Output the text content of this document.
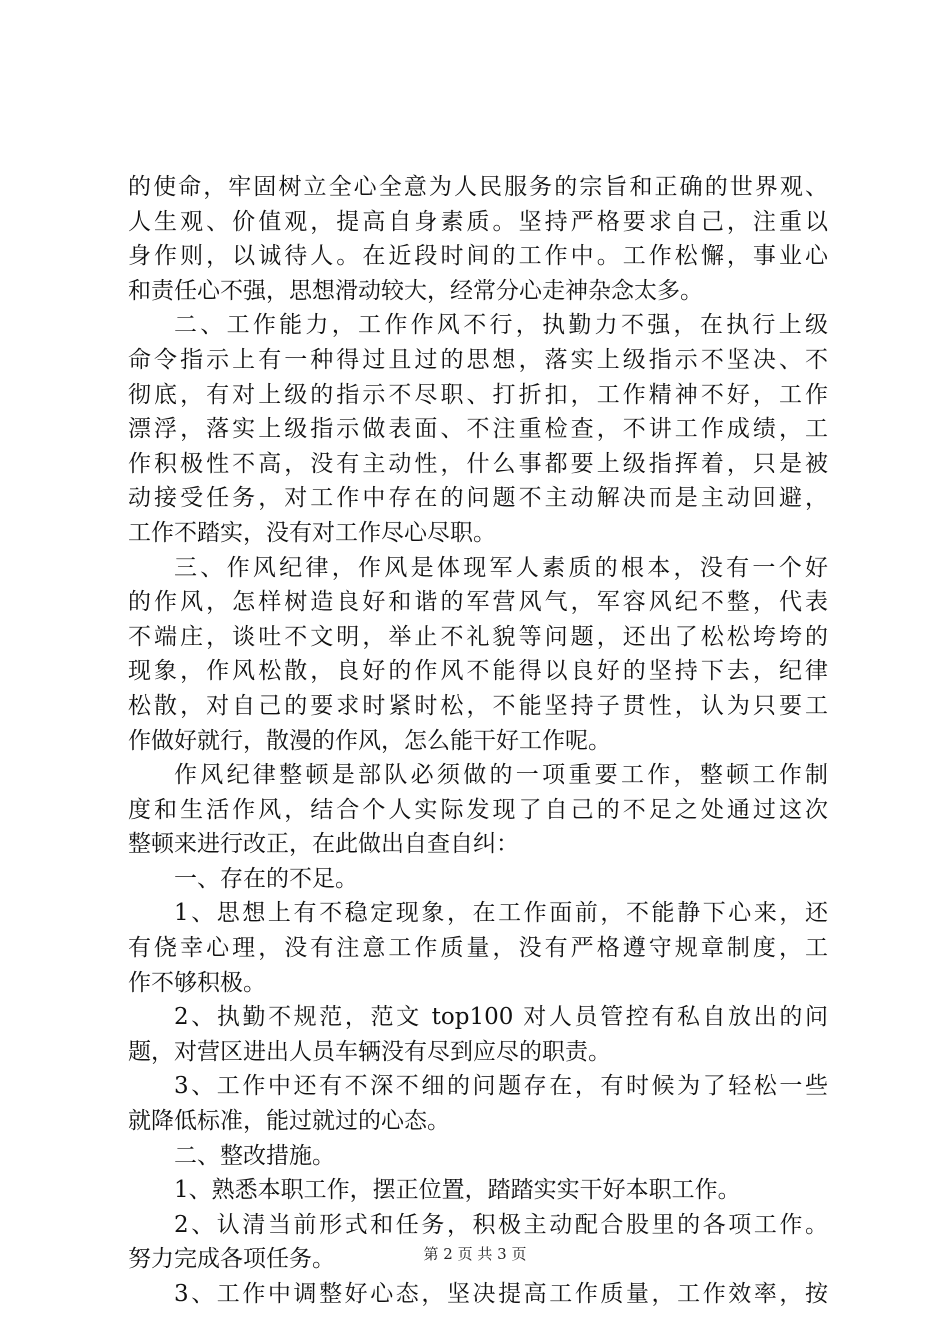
的使命，牢固树立全心全意为人民服务的宗旨和正确的世界观、
人生观、价值观，提高自身素质。坚持严格要求自己，注重以
身作则，以诚待人。在近段时间的工作中。工作松懈，事业心
和责任心不强，思想滑动较大，经常分心走神杂念太多。
二、工作能力，工作作风不行，执勤力不强，在执行上级
命令指示上有一种得过且过的思想，落实上级指示不坚决、不
彻底，有对上级的指示不尽职、打折扣，工作精神不好，工作
漂浮，落实上级指示做表面、不注重检查，不讲工作成绩，工
作积极性不高，没有主动性，什么事都要上级指挥着，只是被
动接受任务，对工作中存在的问题不主动解决而是主动回避，
工作不踏实，没有对工作尽心尽职。
三、作风纪律，作风是体现军人素质的根本，没有一个好
的作风，怎样树造良好和谐的军营风气，军容风纪不整，代表
不端庄，谈吐不文明，举止不礼貌等问题，还出了松松垮垮的
现象，作风松散，良好的作风不能得以良好的坚持下去，纪律
松散，对自己的要求时紧时松，不能坚持子贯性，认为只要工
作做好就行，散漫的作风，怎么能干好工作呢。
作风纪律整顿是部队必须做的一项重要工作，整顿工作制
度和生活作风，结合个人实际发现了自己的不足之处通过这次
整顿来进行改正，在此做出自查自纠：
一、存在的不足。
1、思想上有不稳定现象，在工作面前，不能静下心来，还
有侥幸心理，没有注意工作质量，没有严格遵守规章制度，工
作不够积极。
2、执勤不规范，范文 top100 对人员管控有私自放出的问
题，对营区进出人员车辆没有尽到应尽的职责。
3、工作中还有不深不细的问题存在，有时候为了轻松一些
就降低标准，能过就过的心态。
二、整改措施。
1、熟悉本职工作，摆正位置，踏踏实实干好本职工作。
2、认清当前形式和任务，积极主动配合股里的各项工作。
努力完成各项任务。
3、工作中调整好心态，坚决提高工作质量，工作效率，按
第 2 页 共 3 页
